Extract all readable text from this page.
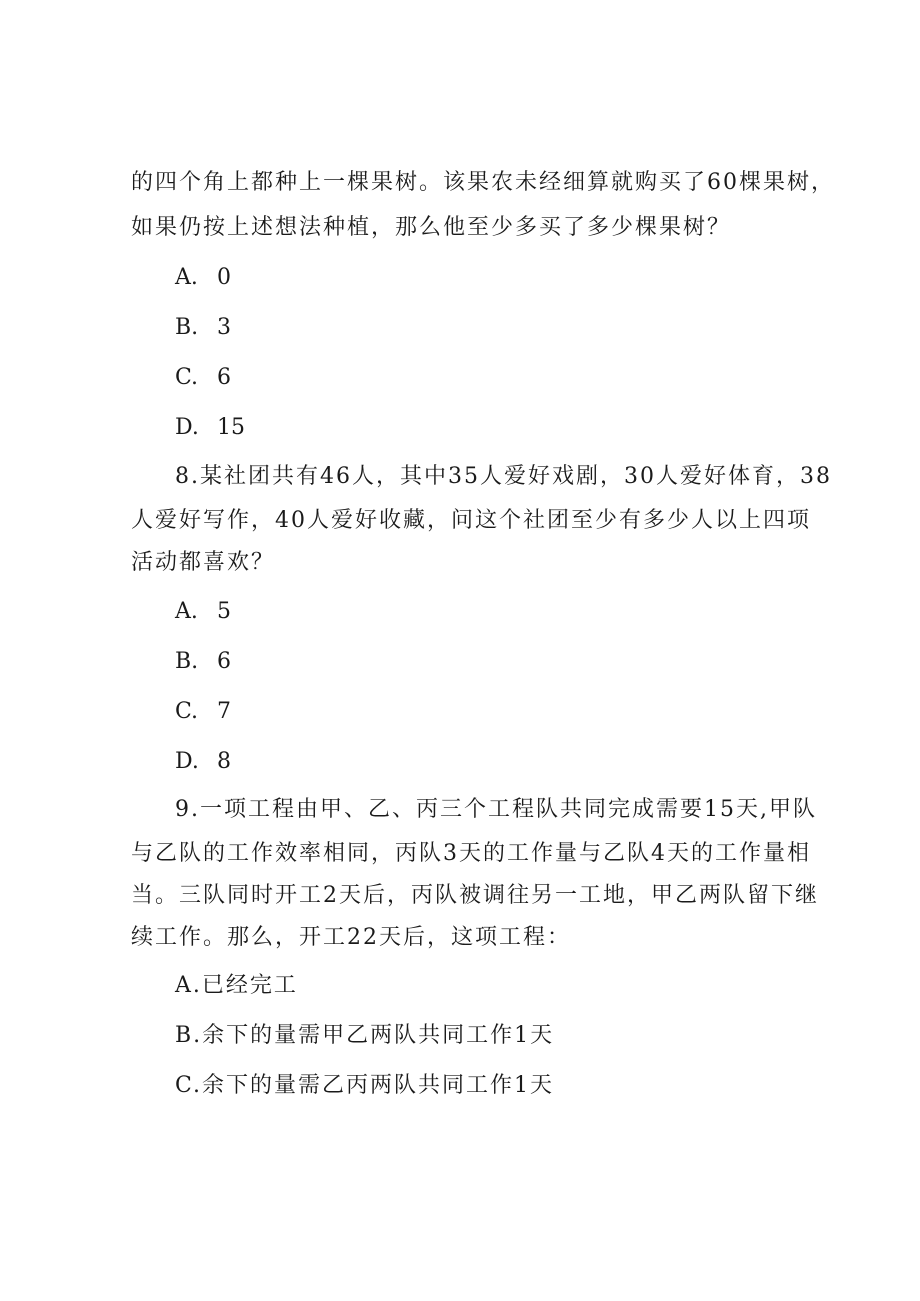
的四个角上都种上一棵果树。该果农未经细算就购买了60棵果树，
如果仍按上述想法种植，那么他至少多买了多少棵果树？
A. 0
B. 3
C. 6
D. 15
8.某社团共有46人，其中35人爱好戏剧，30人爱好体育，38
人爱好写作，40人爱好收藏，问这个社团至少有多少人以上四项
活动都喜欢？
A. 5
B. 6
C. 7
D. 8
9.一项工程由甲、乙、丙三个工程队共同完成需要15天,甲队
与乙队的工作效率相同，丙队3天的工作量与乙队4天的工作量相
当。三队同时开工2天后，丙队被调往另一工地，甲乙两队留下继
续工作。那么，开工22天后，这项工程：
A.已经完工
B.余下的量需甲乙两队共同工作1天
C.余下的量需乙丙两队共同工作1天
